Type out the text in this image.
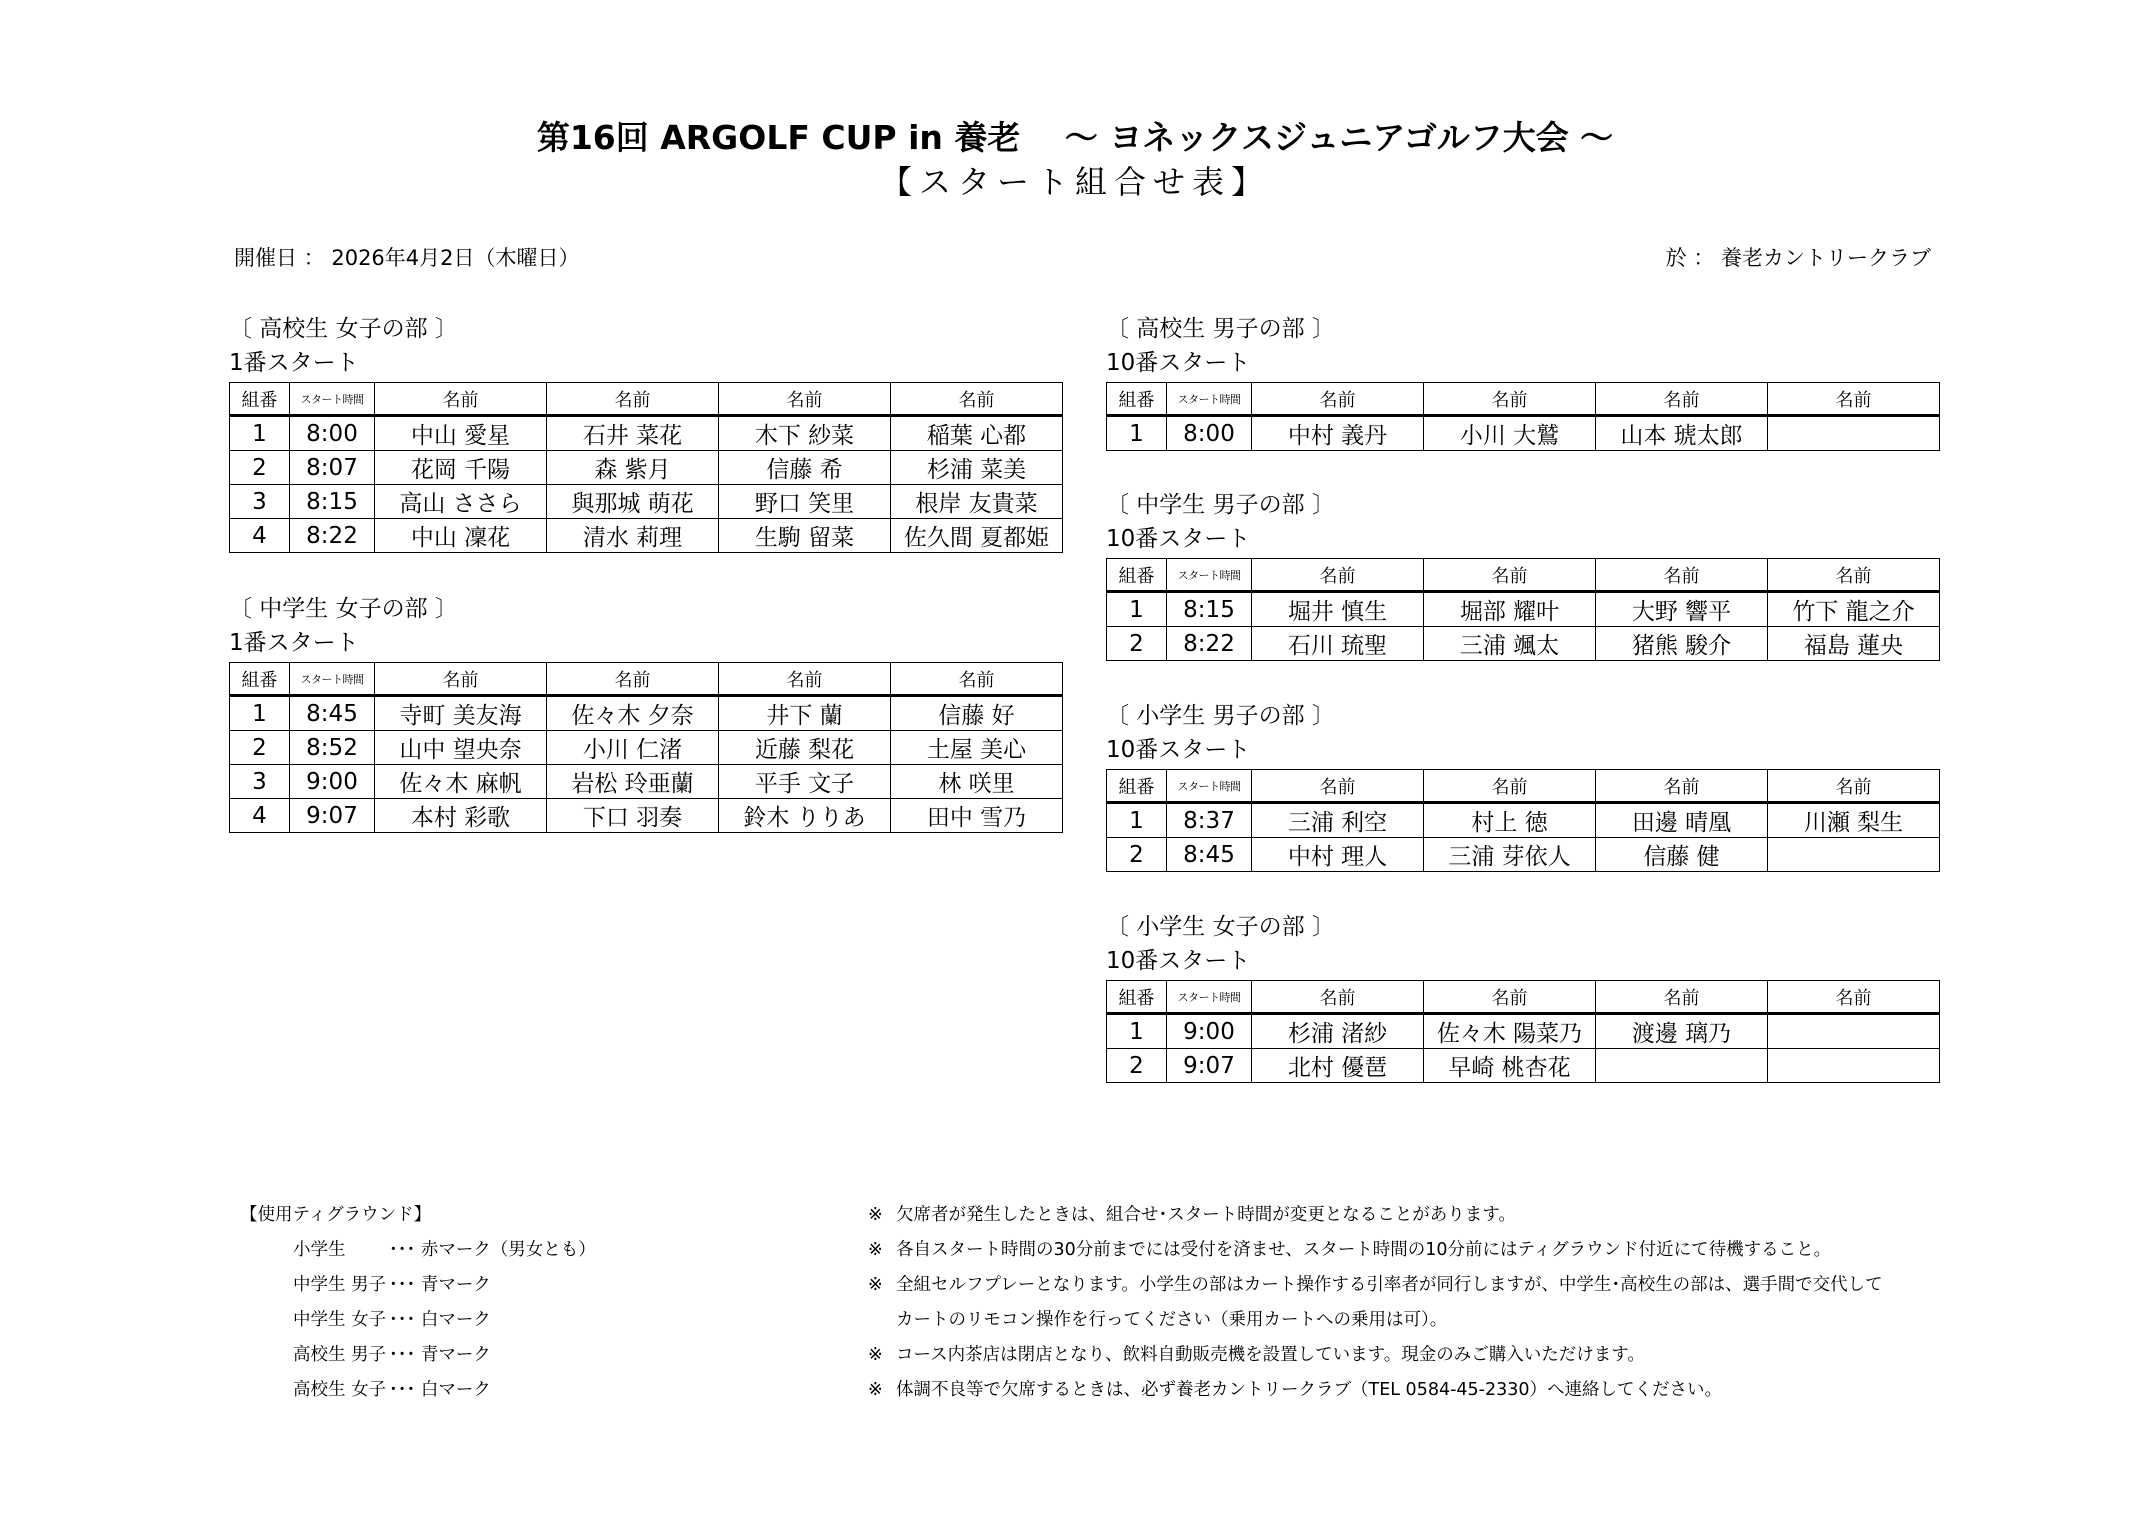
第16回 ARGOLF CUP in 養老　 ～ ヨネックスジュニアゴルフ大会 ～
【スタート組合せ表】
開催日 ： 2026年4月2日（木曜日）	於 ： 養老カントリークラブ
〔 高校生 女子の部 〕
1番スタート
組番	スタート時間	名前	名前	名前	名前
1	8:00	中山 愛星	石井 菜花	木下 紗菜	稲葉 心都
2	8:07	花岡 千陽	森 紫月	信藤 希	杉浦 菜美
3	8:15	高山 ささら	與那城 萌花	野口 笑里	根岸 友貴菜
4	8:22	中山 凜花	清水 莉理	生駒 留菜	佐久間 夏都姫
〔 中学生 女子の部 〕
1番スタート
組番	スタート時間	名前	名前	名前	名前
1	8:45	寺町 美友海	佐々木 夕奈	井下 蘭	信藤 好
2	8:52	山中 望央奈	小川 仁渚	近藤 梨花	土屋 美心
3	9:00	佐々木 麻帆	岩松 玲亜蘭	平手 文子	林 咲里
4	9:07	本村 彩歌	下口 羽奏	鈴木 りりあ	田中 雪乃
〔 高校生 男子の部 〕
10番スタート
組番	スタート時間	名前	名前	名前	名前
1	8:00	中村 義丹	小川 大鷲	山本 琥太郎	
〔 中学生 男子の部 〕
10番スタート
組番	スタート時間	名前	名前	名前	名前
1	8:15	堀井 慎生	堀部 耀叶	大野 響平	竹下 龍之介
2	8:22	石川 琉聖	三浦 颯太	猪熊 駿介	福島 蓮央
〔 小学生 男子の部 〕
10番スタート
組番	スタート時間	名前	名前	名前	名前
1	8:37	三浦 利空	村上 徳	田邊 晴凰	川瀬 梨生
2	8:45	中村 理人	三浦 芽依人	信藤 健	
〔 小学生 女子の部 〕
10番スタート
組番	スタート時間	名前	名前	名前	名前
1	9:00	杉浦 渚紗	佐々木 陽菜乃	渡邊 璃乃	
2	9:07	北村 優琶	早崎 桃杏花		
【使用ティグラウンド】
小学生 ･･･ 赤マーク（男女とも）
中学生 男子 ･･･ 青マーク
中学生 女子 ･･･ 白マーク
高校生 男子 ･･･ 青マーク
高校生 女子 ･･･ 白マーク
※ 欠席者が発生したときは、組合せ･スタート時間が変更となることがあります。
※ 各自スタート時間の30分前までには受付を済ませ、スタート時間の10分前にはティグラウンド付近にて待機すること。
※ 全組セルフプレーとなります。小学生の部はカート操作する引率者が同行しますが、中学生･高校生の部は、選手間で交代して
カートのリモコン操作を行ってください（乗用カートへの乗用は可）。
※ コース内茶店は閉店となり、飲料自動販売機を設置しています。現金のみご購入いただけます。
※ 体調不良等で欠席するときは、必ず養老カントリークラブ（TEL 0584-45-2330）へ連絡してください。
